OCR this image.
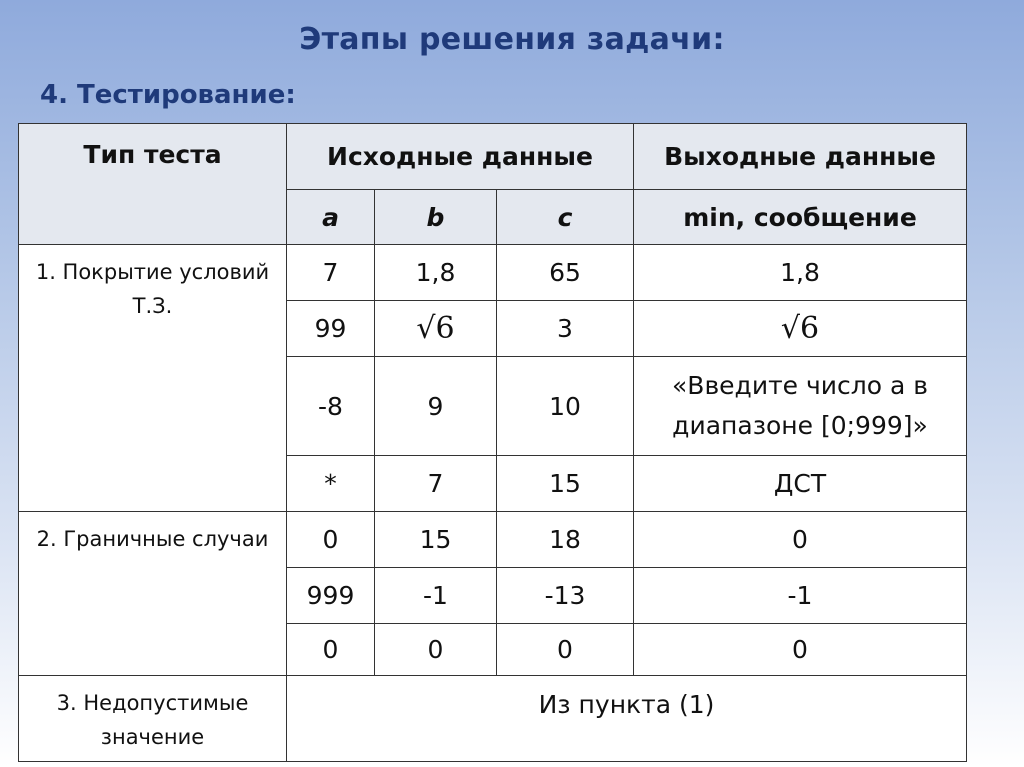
Этапы решения задачи:
4. Тестирование:
Тип теста	Исходные данные			Выходные данные
	a	b	c	min, сообщение
1. Покрытие условий Т.З.	7	1,8	65	1,8
	99	√6	3	√6
	-8	9	10	«Введите число а в диапазоне [0;999]»
	*	7	15	ДСТ
2. Граничные случаи	0	15	18	0
	999	-1	-13	-1
	0	0	0	0
3. Недопустимые значение	Из пункта (1)			
